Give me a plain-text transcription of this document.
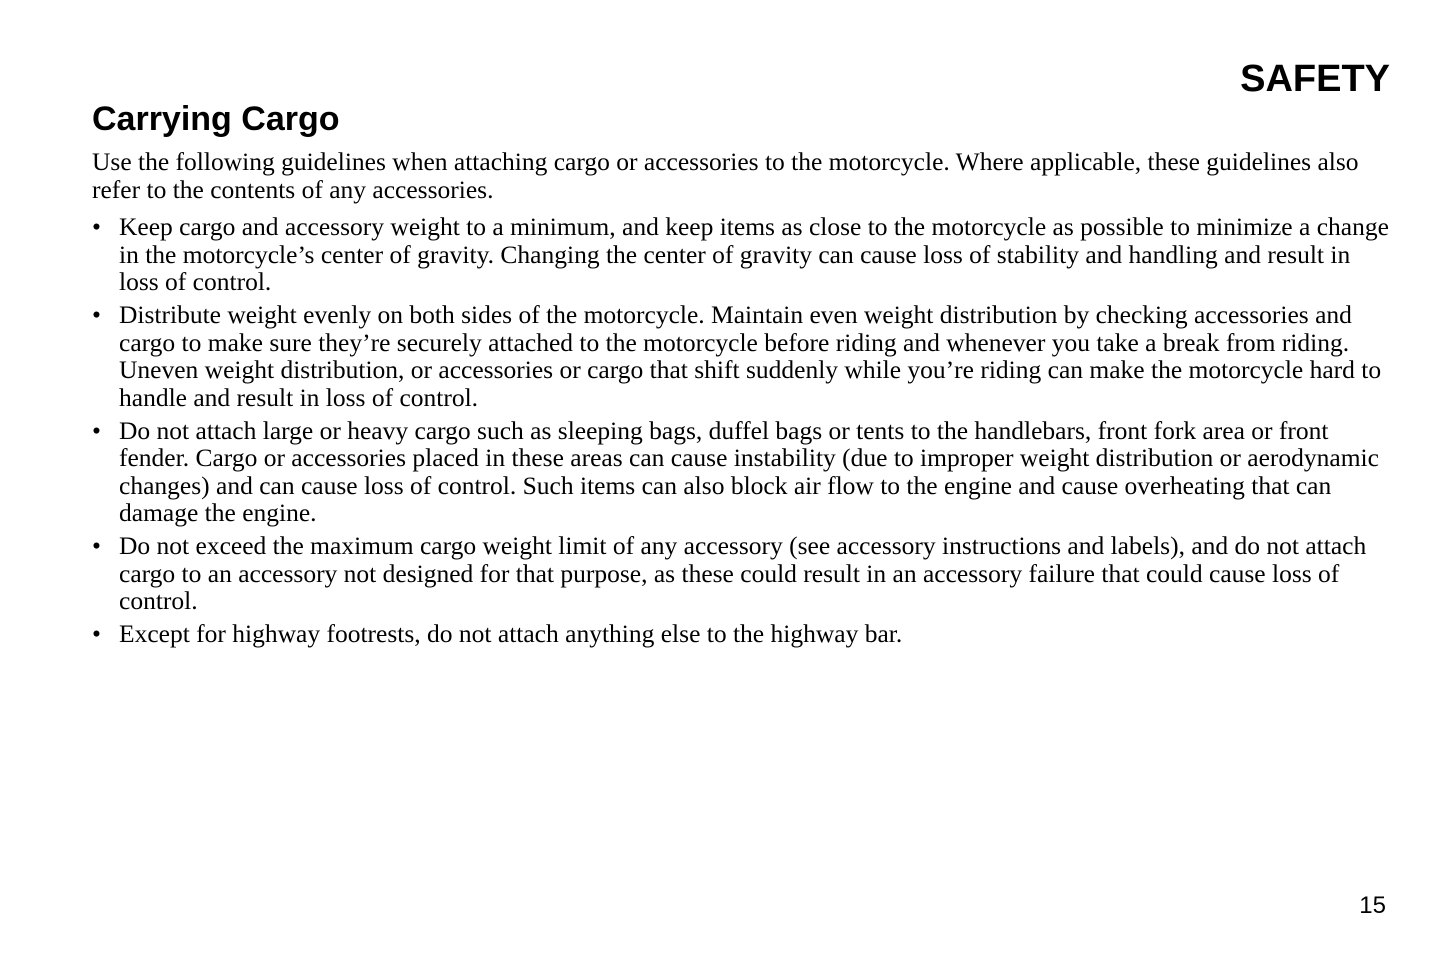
SAFETY
Carrying Cargo

Use the following guidelines when attaching cargo or accessories to the motorcycle. Where applicable, these guidelines also refer to the contents of any accessories.

• Keep cargo and accessory weight to a minimum, and keep items as close to the motorcycle as possible to minimize a change in the motorcycle’s center of gravity. Changing the center of gravity can cause loss of stability and handling and result in loss of control.
• Distribute weight evenly on both sides of the motorcycle. Maintain even weight distribution by checking accessories and cargo to make sure they’re securely attached to the motorcycle before riding and whenever you take a break from riding. Uneven weight distribution, or accessories or cargo that shift suddenly while you’re riding can make the motorcycle hard to handle and result in loss of control.
• Do not attach large or heavy cargo such as sleeping bags, duffel bags or tents to the handlebars, front fork area or front fender. Cargo or accessories placed in these areas can cause instability (due to improper weight distribution or aerodynamic changes) and can cause loss of control. Such items can also block air flow to the engine and cause overheating that can damage the engine.
• Do not exceed the maximum cargo weight limit of any accessory (see accessory instructions and labels), and do not attach cargo to an accessory not designed for that purpose, as these could result in an accessory failure that could cause loss of control.
• Except for highway footrests, do not attach anything else to the highway bar.
15
